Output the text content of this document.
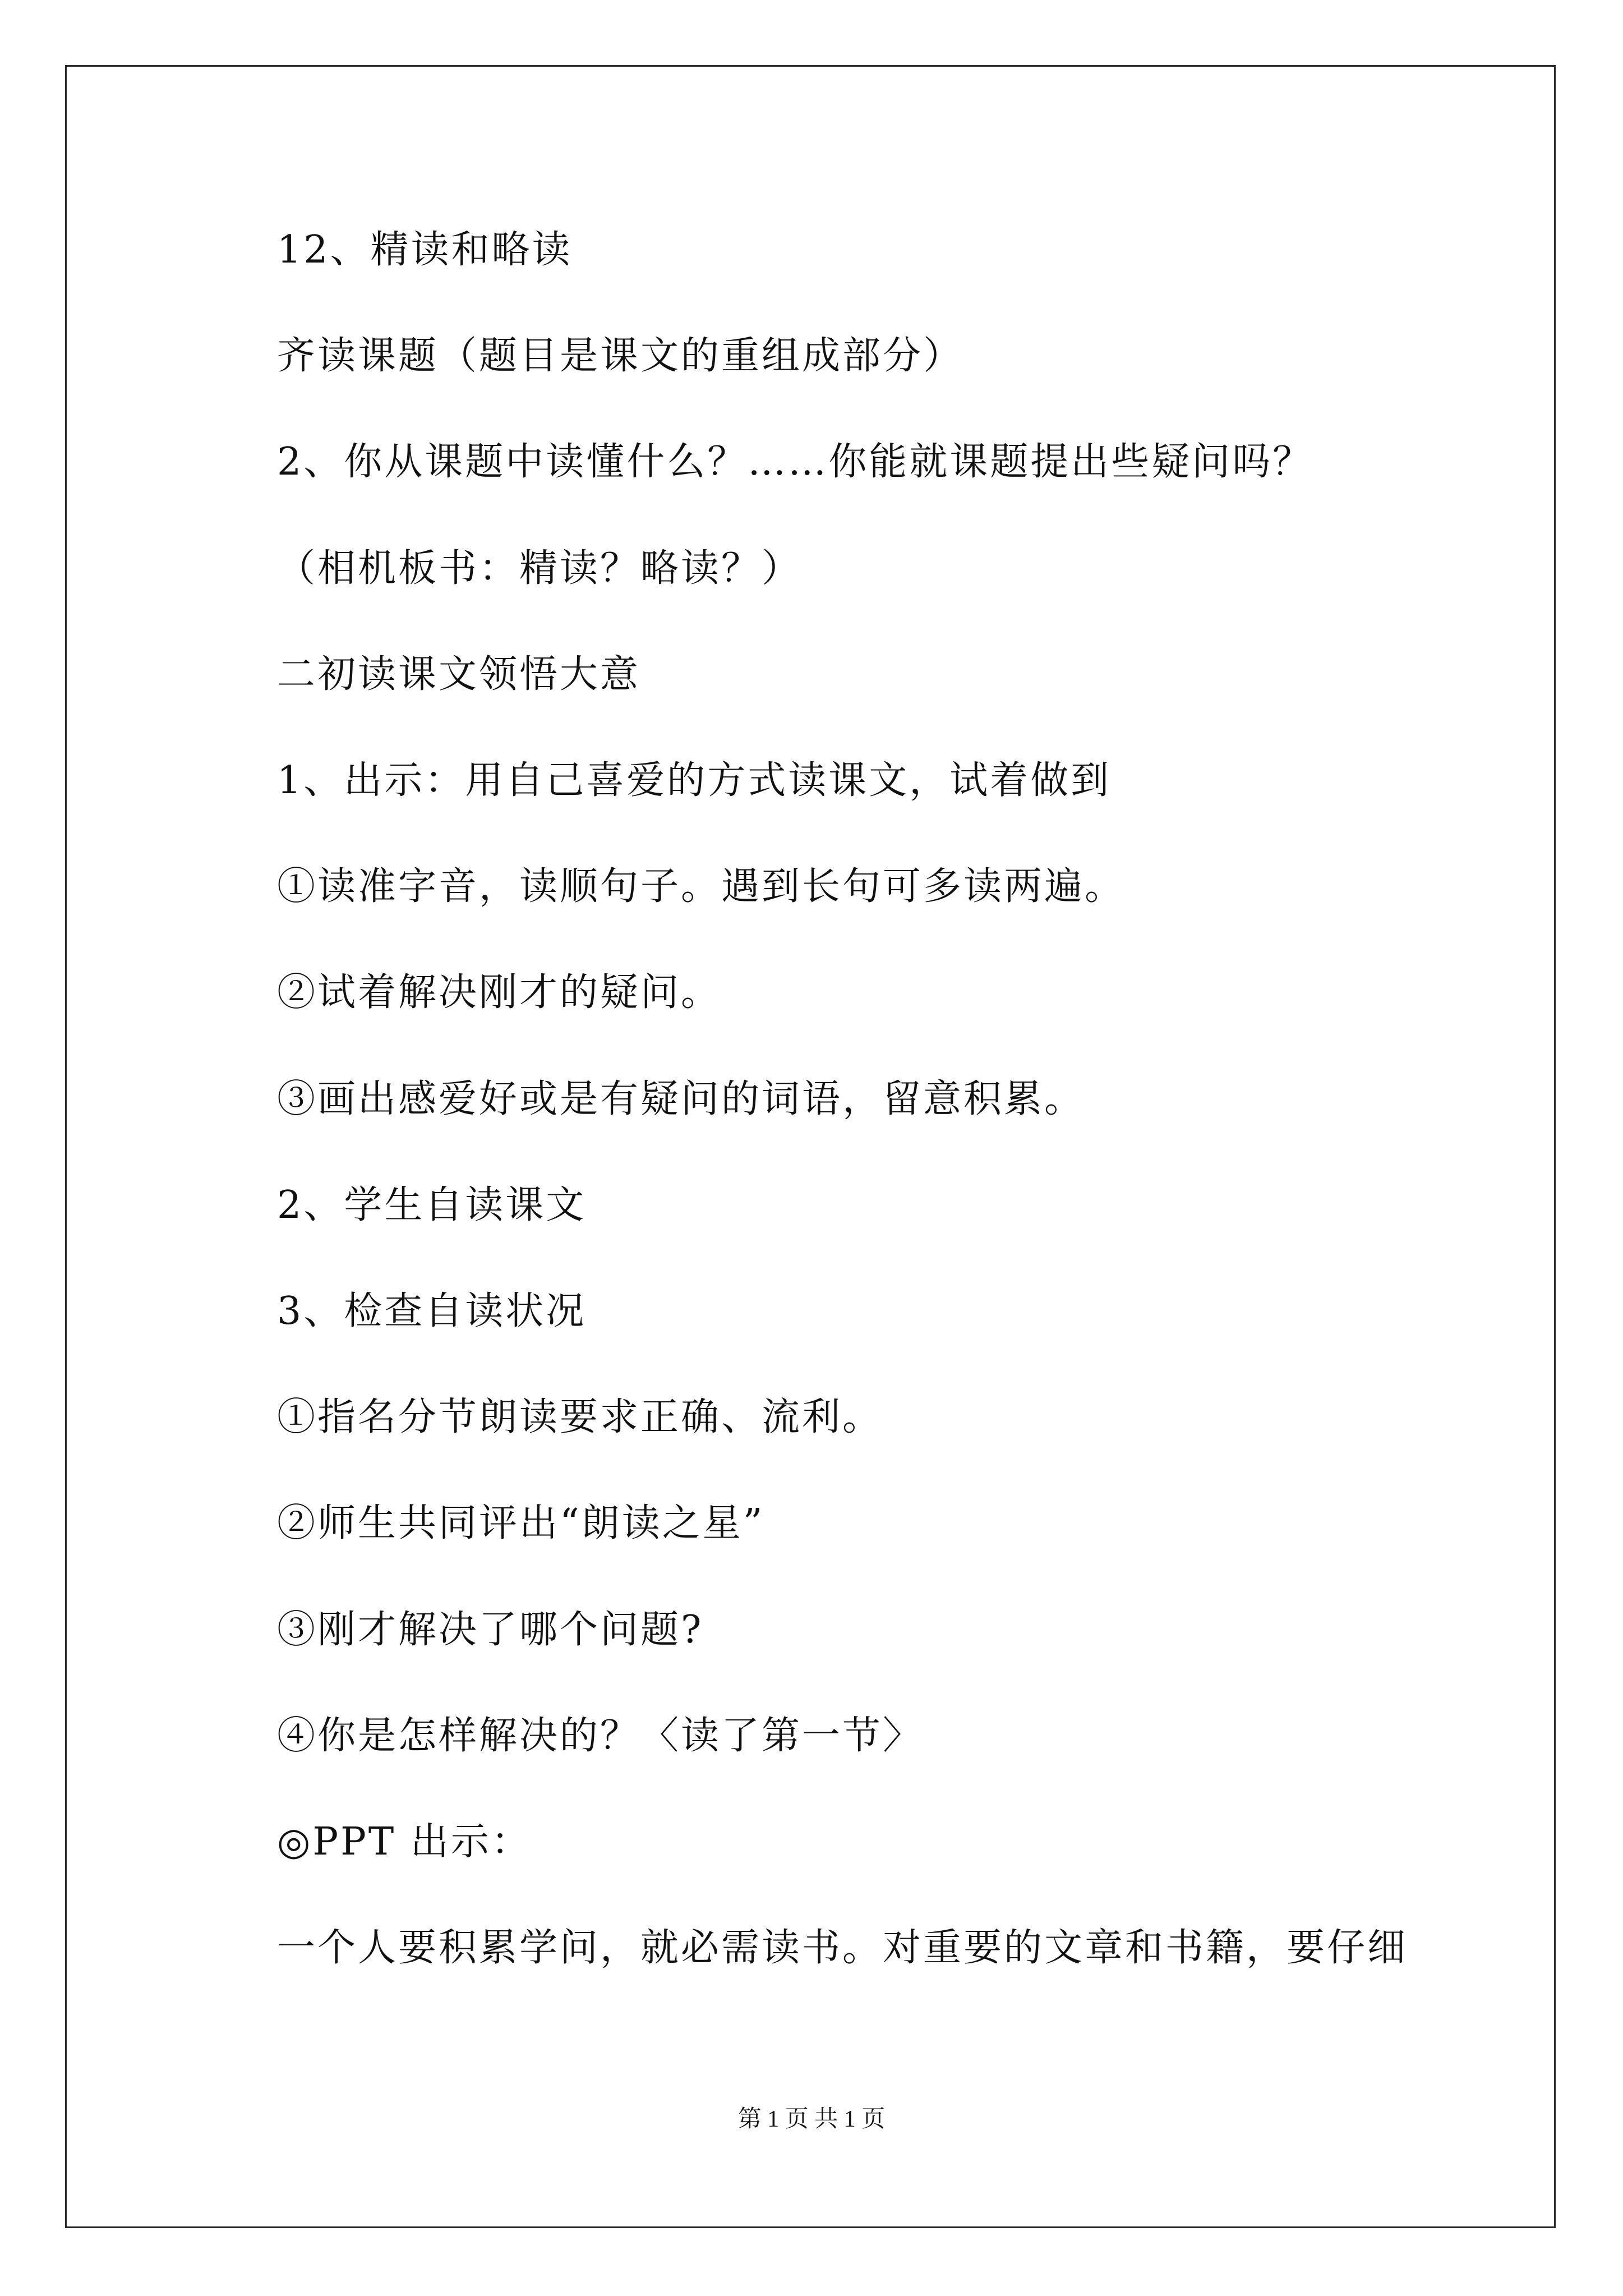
12、精读和略读
齐读课题（题目是课文的重组成部分）
2、你从课题中读懂什么？……你能就课题提出些疑问吗？
（相机板书：精读？略读？）
二初读课文领悟大意
1、出示：用自己喜爱的方式读课文，试着做到
①读准字音，读顺句子。遇到长句可多读两遍。
②试着解决刚才的疑问。
③画出感爱好或是有疑问的词语，留意积累。
2、学生自读课文
3、检查自读状况
①指名分节朗读要求正确、流利。
②师生共同评出“朗读之星”
③刚才解决了哪个问题?
④你是怎样解决的？〈读了第一节〉
◎PPT 出示：
一个人要积累学问，就必需读书。对重要的文章和书籍，要仔细
第 1 页 共 1 页
